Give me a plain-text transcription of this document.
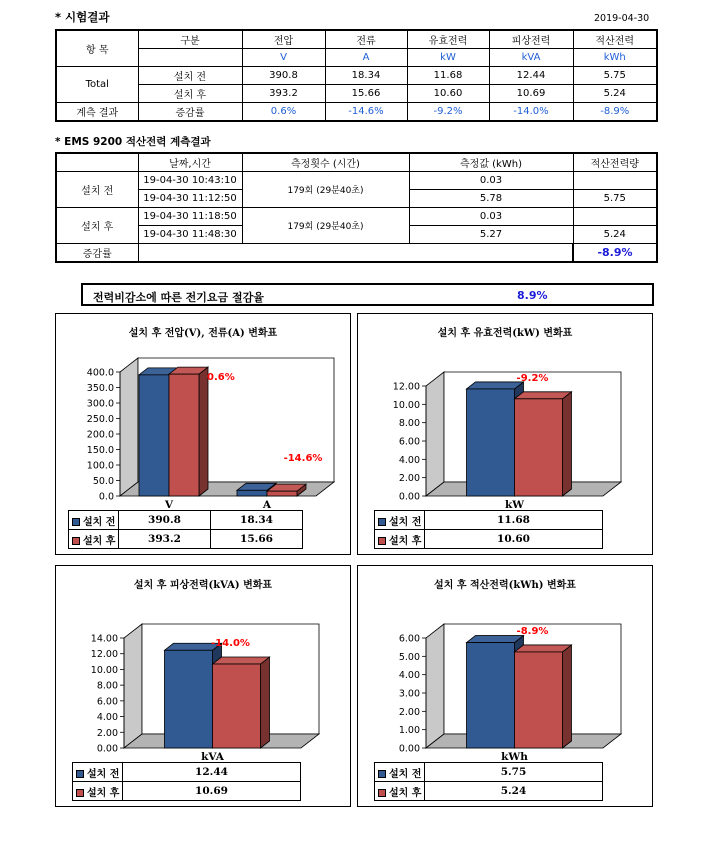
* 시험결과	2019-04-30
항 목	구분	전압	전류	유효전력	피상전력	적산전력
		V	A	kW	kVA	kWh
Total	설치 전	390.8	18.34	11.68	12.44	5.75
	설치 후	393.2	15.66	10.60	10.69	5.24
계측 결과	증감률	0.6%	-14.6%	-9.2%	-14.0%	-8.9%
* EMS 9200 적산전력 계측결과
	날짜,시간	측정횟수 (시간)	측정값 (kWh)	적산전력량
설치 전	19-04-30 10:43:10	179회 (29분40초)	0.03	
	19-04-30 11:12:50		5.78	5.75
설치 후	19-04-30 11:18:50	179회 (29분40초)	0.03	
	19-04-30 11:48:30		5.27	5.24
증감률				-8.9%
전력비감소에 따른 전기요금 절감율	8.9%
0.0
50.0
100.0
150.0
200.0
250.0
300.0
350.0
400.0
V
0.6%
A
-14.6%
설치 후 전압(V), 전류(A) 변화표
설치 전	390.8	18.34
설치 후	393.2	15.66
0.00
2.00
4.00
6.00
8.00
10.00
12.00
kW
-9.2%
설치 후 유효전력(kW) 변화표
설치 전	11.68
설치 후	10.60
0.00
2.00
4.00
6.00
8.00
10.00
12.00
14.00
kVA
-14.0%
설치 후 피상전력(kVA) 변화표
설치 전	12.44
설치 후	10.69
0.00
1.00
2.00
3.00
4.00
5.00
6.00
kWh
-8.9%
설치 후 적산전력(kWh) 변화표
설치 전	5.75
설치 후	5.24
